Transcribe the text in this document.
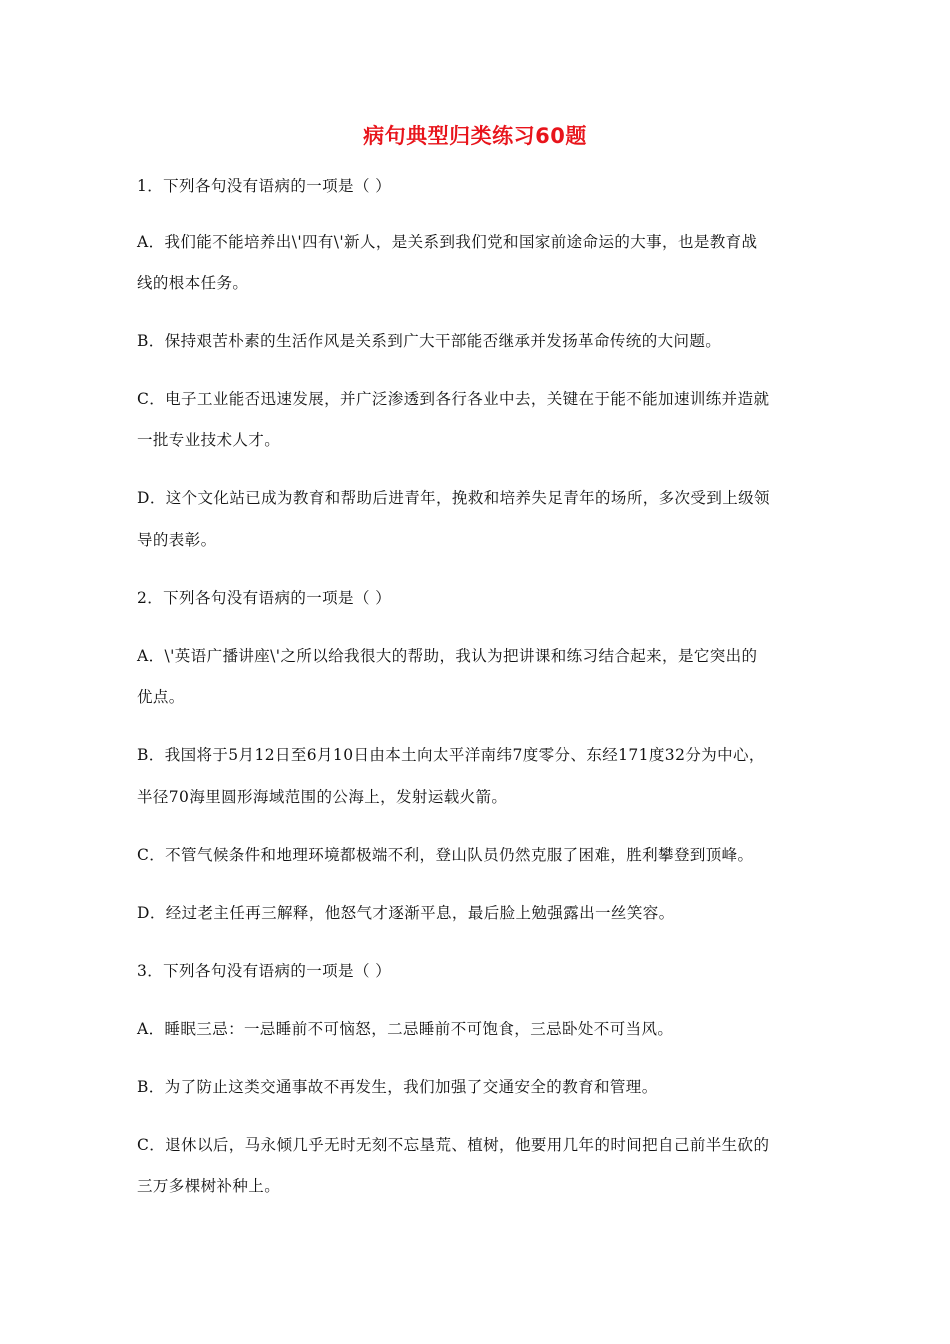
病句典型归类练习60题
1．下列各句没有语病的一项是（ ）
A．我们能不能培养出\'四有\'新人，是关系到我们党和国家前途命运的大事，也是教育战
线的根本任务。
B．保持艰苦朴素的生活作风是关系到广大干部能否继承并发扬革命传统的大问题。
C．电子工业能否迅速发展，并广泛渗透到各行各业中去，关键在于能不能加速训练并造就
一批专业技术人才。
D．这个文化站已成为教育和帮助后进青年，挽救和培养失足青年的场所，多次受到上级领
导的表彰。
2．下列各句没有语病的一项是（ ）
A．\'英语广播讲座\'之所以给我很大的帮助，我认为把讲课和练习结合起来，是它突出的
优点。
B．我国将于5月12日至6月10日由本土向太平洋南纬7度零分、东经171度32分为中心，
半径70海里圆形海域范围的公海上，发射运载火箭。
C．不管气候条件和地理环境都极端不利，登山队员仍然克服了困难，胜利攀登到顶峰。
D．经过老主任再三解释，他怒气才逐渐平息，最后脸上勉强露出一丝笑容。
3．下列各句没有语病的一项是（ ）
A．睡眠三忌：一忌睡前不可恼怒，二忌睡前不可饱食，三忌卧处不可当风。
B．为了防止这类交通事故不再发生，我们加强了交通安全的教育和管理。
C．退休以后，马永倾几乎无时无刻不忘垦荒、植树，他要用几年的时间把自己前半生砍的
三万多棵树补种上。
